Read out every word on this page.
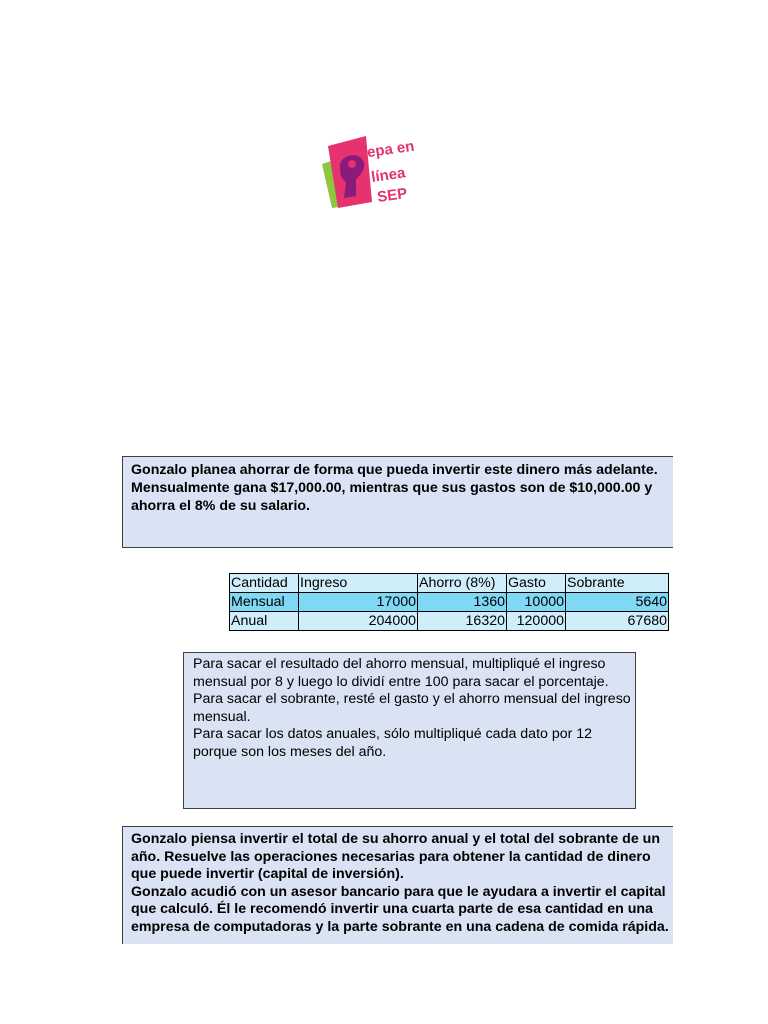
repa en
línea
SEP
Gonzalo planea ahorrar de forma que pueda invertir este dinero más adelante. Mensualmente gana $17,000.00, mientras que sus gastos son de $10,000.00 y ahorra el 8% de su salario.
Cantidad	Ingreso	Ahorro (8%)	Gasto	Sobrante
Mensual	17000	1360	10000	5640
Anual	204000	16320	120000	67680

Para sacar el resultado del ahorro mensual, multipliqué el ingreso mensual por 8 y luego lo dividí entre 100 para sacar el porcentaje.

Para sacar el sobrante, resté el gasto y el ahorro mensual del ingreso mensual.

Para sacar los datos anuales, sólo multipliqué cada dato por 12 porque son los meses del año.

Gonzalo piensa invertir el total de su ahorro anual y el total del sobrante de un año. Resuelve las operaciones necesarias para obtener la cantidad de dinero que puede invertir (capital de inversión).

Gonzalo acudió con un asesor bancario para que le ayudara a invertir el capital que calculó. Él le recomendó invertir una cuarta parte de esa cantidad en una empresa de computadoras y la parte sobrante en una cadena de comida rápida.
